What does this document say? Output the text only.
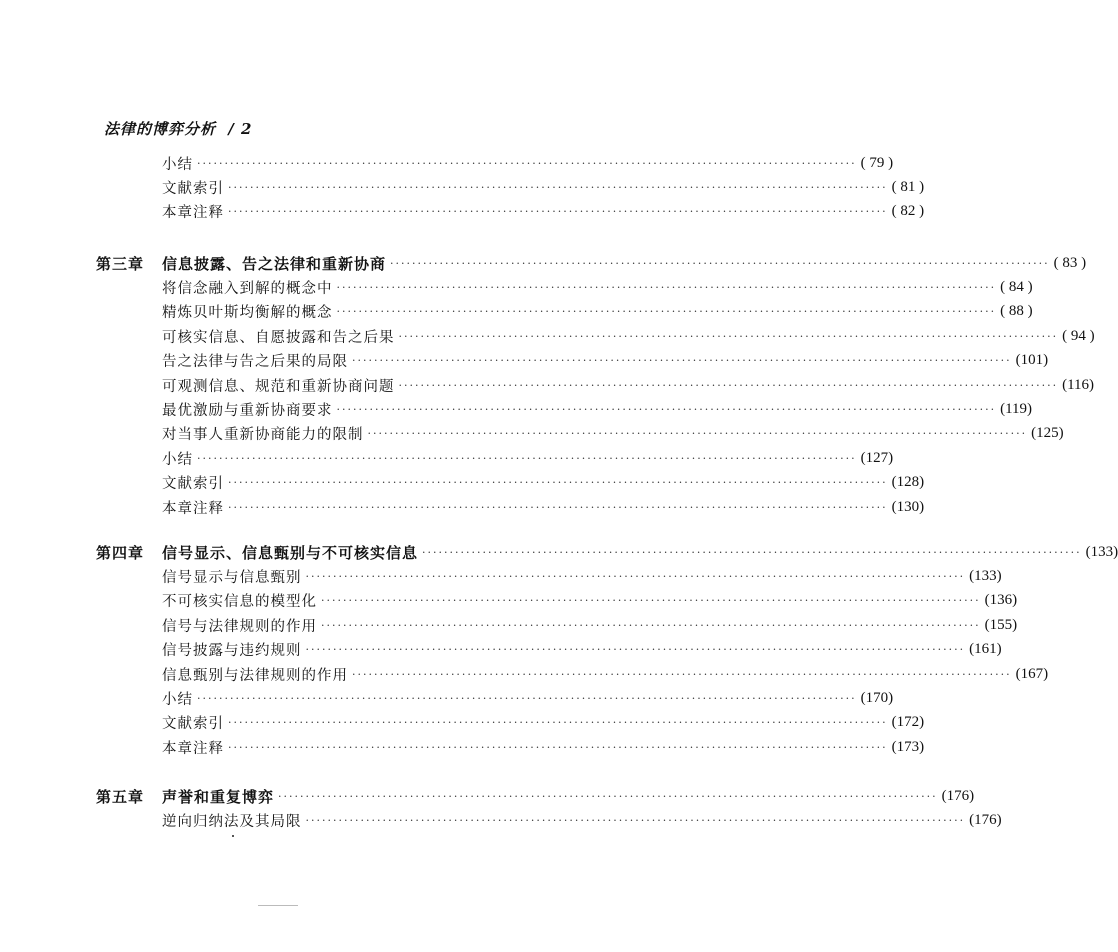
法律的博弈分析 / 2
小结 ························································································································ ( 79 )
文献索引 ························································································································ ( 81 )
本章注释 ························································································································ ( 82 )
第三章 信息披露、告之法律和重新协商 ························································································································ ( 83 )
将信念融入到解的概念中 ························································································································ ( 84 )
精炼贝叶斯均衡解的概念 ························································································································ ( 88 )
可核实信息、自愿披露和告之后果 ························································································································ ( 94 )
告之法律与告之后果的局限 ························································································································ (101)
可观测信息、规范和重新协商问题 ························································································································ (116)
最优激励与重新协商要求 ························································································································ (119)
对当事人重新协商能力的限制 ························································································································ (125)
小结 ························································································································ (127)
文献索引 ························································································································ (128)
本章注释 ························································································································ (130)
第四章 信号显示、信息甄别与不可核实信息 ························································································································ (133)
信号显示与信息甄别 ························································································································ (133)
不可核实信息的模型化 ························································································································ (136)
信号与法律规则的作用 ························································································································ (155)
信号披露与违约规则 ························································································································ (161)
信息甄别与法律规则的作用 ························································································································ (167)
小结 ························································································································ (170)
文献索引 ························································································································ (172)
本章注释 ························································································································ (173)
第五章 声誉和重复博弈 ························································································································ (176)
逆向归纳法及其局限 ························································································································ (176)
